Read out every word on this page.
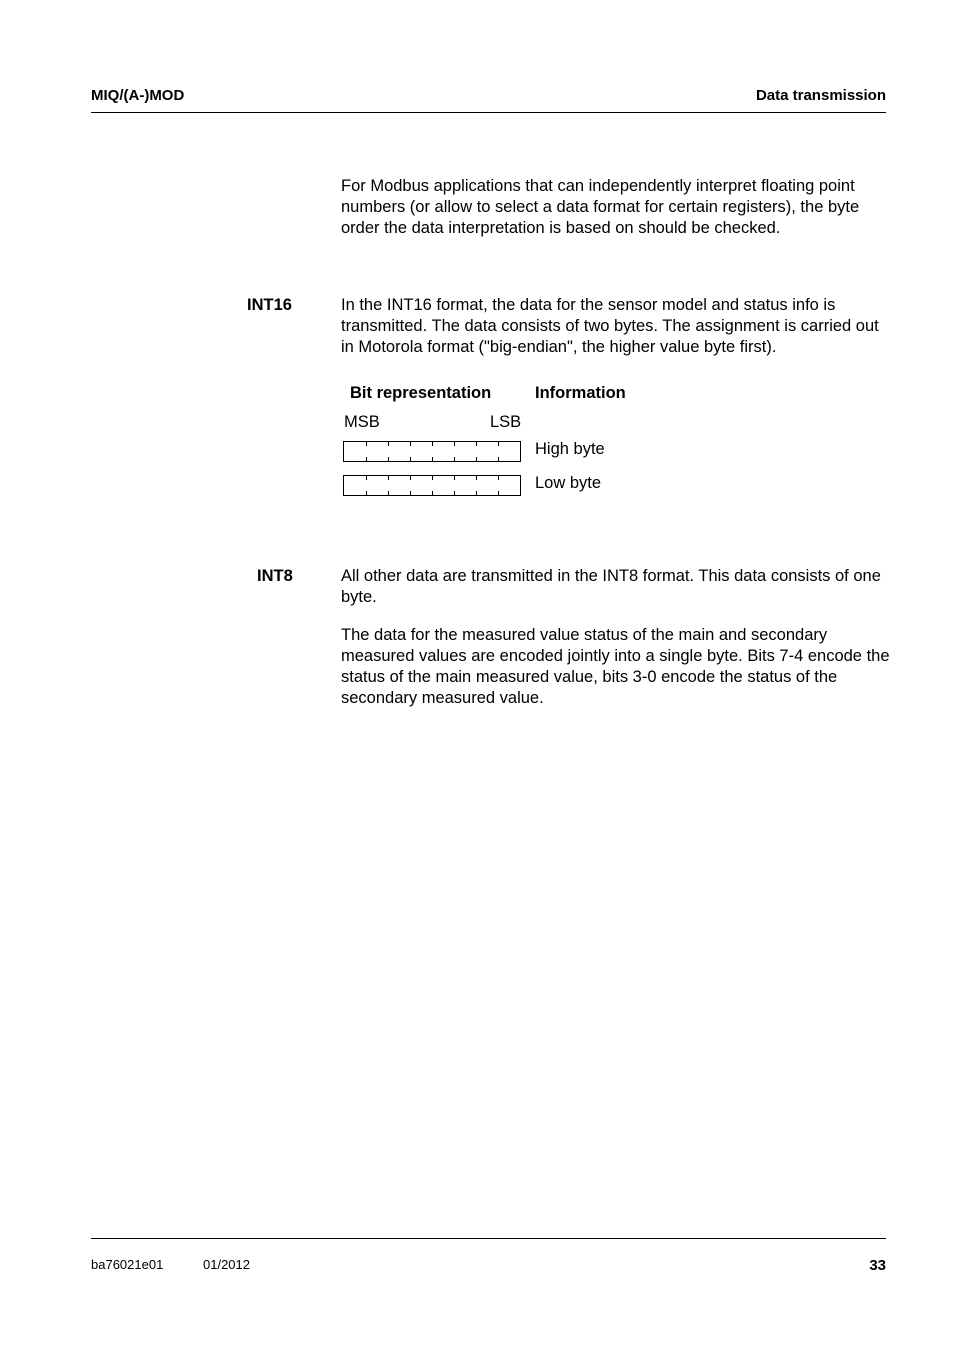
MIQ/(A-)MOD	Data transmission

For Modbus applications that can independently interpret floating point numbers (or allow to select a data format for certain registers), the byte order the data interpretation is based on should be checked.

INT16	In the INT16 format, the data for the sensor model and status info is transmitted. The data consists of two bytes. The assignment is carried out in Motorola format ("big-endian", the higher value byte first).

Bit representation	Information
MSB	LSB
High byte
Low byte
INT8	All other data are transmitted in the INT8 format. This data consists of one byte.

The data for the measured value status of the main and secondary measured values are encoded jointly into a single byte. Bits 7-4 encode the status of the main measured value, bits 3-0 encode the status of the secondary measured value.

ba76021e01	01/2012	33
